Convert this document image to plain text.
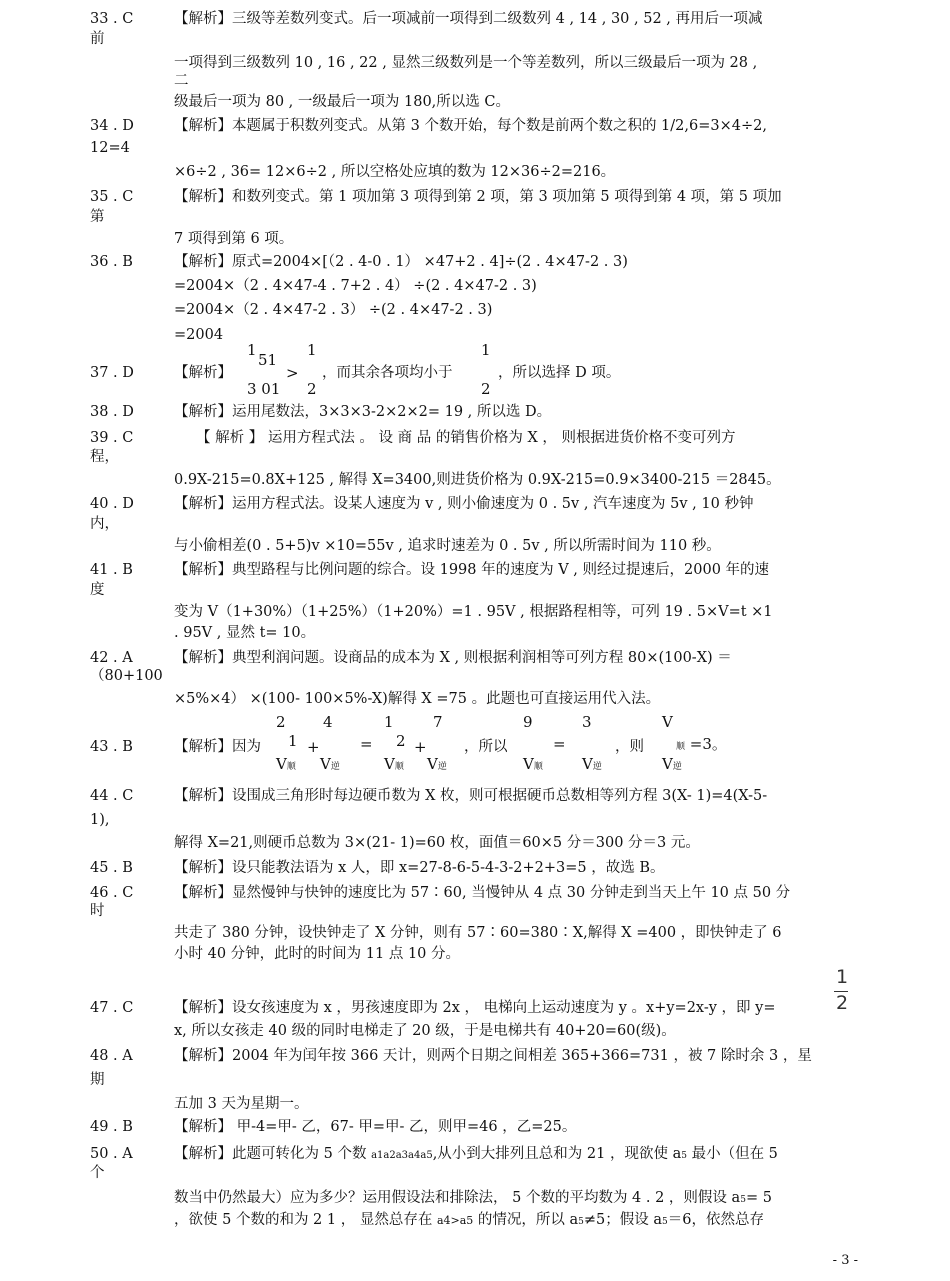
33 . C	【解析】三级等差数列变式。后一项减前一项得到二级数列 4 , 14 , 30 , 52 , 再用后一项减
前
一项得到三级数列 10 , 16 , 22 , 显然三级数列是一个等差数列，所以三级最后一项为 28 ,
二
级最后一项为 80 , 一级最后一项为 180,所以选 C。
34 . D	【解析】本题属于积数列变式。从第 3 个数开始，每个数是前两个数之积的 1/2,6=3×4÷2,
12=4
×6÷2 , 36= 12×6÷2 , 所以空格处应填的数为 12×36÷2=216。
35 . C	【解析】和数列变式。第 1 项加第 3 项得到第 2 项，第 3 项加第 5 项得到第 4 项，第 5 项加
第
7 项得到第 6 项。
36 . B	【解析】原式=2004×[（2 . 4-0 . 1） ×47+2 . 4]÷(2 . 4×47-2 . 3)
=2004×（2 . 4×47-4 . 7+2 . 4） ÷(2 . 4×47-2 . 3)
=2004×（2 . 4×47-2 . 3） ÷(2 . 4×47-2 . 3)
=2004
37 . D	【解析】
1
51
3 01
>
1
2
，而其余各项均小于
1
2
，所以选择 D 项。
38 . D	【解析】运用尾数法，3×3×3-2×2×2= 19 , 所以选 D。
39 . C	【 解析 】 运用方程式法 。 设 商 品 的销售价格为 X ， 则根据进货价格不变可列方
程，
0.9X-215=0.8X+125 , 解得 X=3400,则进货价格为 0.9X-215=0.9×3400-215 ＝2845。
40 . D	【解析】运用方程式法。设某人速度为 v , 则小偷速度为 0 . 5v , 汽车速度为 5v , 10 秒钟
内，
与小偷相差(0 . 5+5)v ×10=55v , 追求时速差为 0 . 5v , 所以所需时间为 110 秒。
41 . B	【解析】典型路程与比例问题的综合。设 1998 年的速度为 V , 则经过提速后，2000 年的速
度
变为 V（1+30%）（1+25%）（1+20%）=1 . 95V , 根据路程相等，可列 19 . 5×V=t ×1
. 95V , 显然 t= 10。
42 . A	【解析】典型利润问题。设商品的成本为 X , 则根据利润相等可列方程 80×(100-X) ＝
（80+100
×5%×4） ×(100- 100×5%-X)解得 X =75 。此题也可直接运用代入法。
43 . B	【解析】因为
2
1 +
V顺
4
V逆
=
1
2 +
V顺
7
V逆
，所以
9
V顺
=
3
V逆
，则
V
顺 =3。
V逆
44 . C	【解析】设围成三角形时每边硬币数为 X 枚，则可根据硬币总数相等列方程 3(X- 1)=4(X-5-
1),
解得 X=21,则硬币总数为 3×(21- 1)=60 枚，面值＝60×5 分＝300 分＝3 元。
45 . B	【解析】设只能教法语为 x 人，即 x=27-8-6-5-4-3-2+2+3=5 ，故选 B。
46 . C	【解析】显然慢钟与快钟的速度比为 57∶60, 当慢钟从 4 点 30 分钟走到当天上午 10 点 50 分
时
共走了 380 分钟，设快钟走了 X 分钟，则有 57∶60=380∶X,解得 X =400 ，即快钟走了 6
小时 40 分钟，此时的时间为 11 点 10 分。
47 . C	【解析】设女孩速度为 x ，男孩速度即为 2x ， 电梯向上运动速度为 y 。x+y=2x-y ，即 y=
1
2
x, 所以女孩走 40 级的同时电梯走了 20 级，于是电梯共有 40+20=60(级)。
48 . A	【解析】2004 年为闰年按 366 天计，则两个日期之间相差 365+366=731 ，被 7 除时余 3 ，星
期
五加 3 天为星期一。
49 . B	【解析】 甲-4=甲- 乙，67- 甲=甲- 乙，则甲=46 ，乙=25。
50 . A	【解析】此题可转化为 5 个数 a1a2a3a4a5,从小到大排列且总和为 21 ，现欲使 a5 最小（但在 5
个
数当中仍然最大）应为多少？运用假设法和排除法， 5 个数的平均数为 4 . 2 ，则假设 a5= 5
，欲使 5 个数的和为 2 1 ， 显然总存在 a4>a5 的情况，所以 a5≠5；假设 a5＝6，依然总存
- 3 -
